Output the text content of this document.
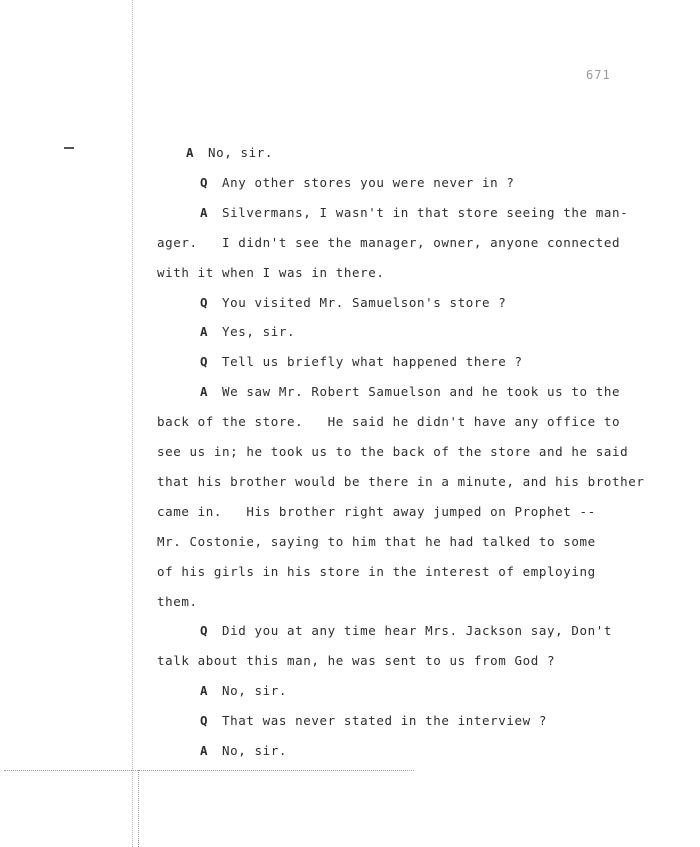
671
A No, sir.
Q Any other stores you were never in ?
A Silvermans, I wasn't in that store seeing the man-
ager.   I didn't see the manager, owner, anyone connected
with it when I was in there.
Q You visited Mr. Samuelson's store ?
A Yes, sir.
Q Tell us briefly what happened there ?
A We saw Mr. Robert Samuelson and he took us to the
back of the store.   He said he didn't have any office to
see us in; he took us to the back of the store and he said
that his brother would be there in a minute, and his brother
came in.   His brother right away jumped on Prophet --
Mr. Costonie, saying to him that he had talked to some
of his girls in his store in the interest of employing
them.
Q Did you at any time hear Mrs. Jackson say, Don't
talk about this man, he was sent to us from God ?
A No, sir.
Q That was never stated in the interview ?
A No, sir.
